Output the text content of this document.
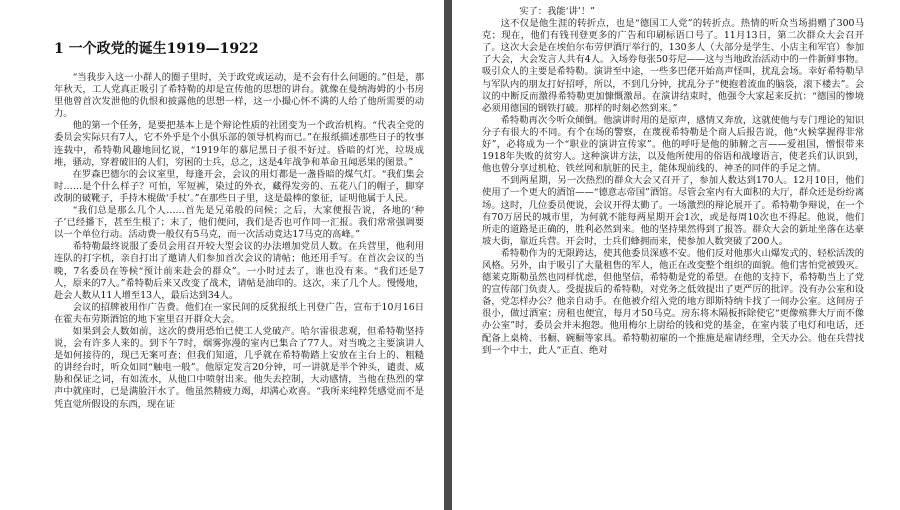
1 一个政党的诞生1919—1922

“当我步入这一小群人的圈子里时，关于政党或运动，是不会有什么问题的。”但是，那年秋天，工人党真正吸引了希特勒的却是宣传他的思想的讲台。就像在曼纳海姆的小书房里他曾首次发泄他的仇恨和披露他的思想一样，这一小撮心怀不满的人给了他所需要的动力。

他的第一个任务，是要把基本上是个辩论性质的社团变为一个政治机构。“代表全党的委员会实际只有7人，它不外乎是个小俱乐部的领导机构而已。”在报纸描述那些日子的牧事连载中，希特勒风趣地回忆说，“1919年的慕尼黑日子很不好过。昏暗的灯光，垃圾成堆，骚动，穿着破旧的人们，穷困的士兵，总之，这是4年战争和革命丑闻恶果的图景。”

在罗森巴德尔的会议室里，每逢开会，会议的用灯都是一盏昏暗的煤气灯。“我们集会时……是个什么样子？可怕，军短裤，染过的外衣，藏得发旁的、五花八门的帽子，脚穿改制的破靴子，手持木棍做‘手杖’。”在那些日子里，这是最棒的象征，证明他属于人民。

“我们总是那么几个人……首先是兄弟般的问候；之后，大家便报告说，各地的‘种子’已经播下，甚至生根了；末了，他们便问，我们是否也可作同一汇报。我们常常强调要以一个单位行动。活动费一般仅有5马克，而一次活动竟达17马克的高峰。”

希特勒最终说服了委员会用召开较大型会议的办法增加党员人数。在兵营里，他利用连队的打字机，亲自打出了邀请人们参加首次会议的请帖；他还用手写。在首次会议的当晚，7名委员在等候“预计前来赴会的群众”。一小时过去了，谁也没有来。“我们还是7人，原来的7人。”希特勒后来又改变了战术，请帖是油印的。这次，来了几个人。慢慢地，赴会人数从11人增至13人，最后达到34人。

会议的招牌被用作广告费。他们在一家民间的反犹报纸上刊登广告，宣布于10月16日在霍夫布劳斯酒馆的地下室里召开群众大会。

如果到会人数如前，这次的费用恐怕已使工人党破产。哈尔雷很悲观，但希特勒坚持说，会有许多人来的。到下午7时，烟雾弥漫的室内已集合了77人。对当晚之主要演讲人是如何接待的，现已无案可查；但我们知道，几乎就在希特勒踏上安放在主台上的、粗糙的讲经台时，听众如同“触电一般”。他原定发言20分钟，可一讲就是半个钟头，谴责、威胁和保证之词，有如流水，从他口中喷射出来。他失去控制，大动感情，当他在热烈的掌声中就座时，已是满脸汗水了。他虽然精疲力竭，却满心欢喜。“我所来纯粹凭感觉而不是凭直觉所假设的东西，现在证

实了：我能‘讲’！”

这不仅是他生涯的转折点，也是“德国工人党”的转折点。热情的听众当场捐赠了300马克；现在，他们有钱刊登更多的广告和印刷标语口号了。11月13日，第二次群众大会召开了。这次大会是在埃伯尔布劳伊酒厅举行的，130多人（大部分是学生、小店主和军官）参加了大会，大会发言人共有4人。入场券每张50芬尼——这与当地政治活动中的一件新鲜事物。吸引众人的主要是希特勒。演讲至中途，一些多巴佬开始高声怪叫，扰乱会场。幸好希特勒早与军队内的朋友打好招呼，所以，不到几分钟，扰乱分子“便抱着流血的脑袋，滚下楼去”。会议的中断反而激得希特勒更加慷慨激昂。在演讲结束时，他强令大家起来反抗：“德国的惨境必须用德国的钢铁打破。那样的时刻必然到来。”

希特勒再次今听众倾倒。他演讲时用的是原声，感情又奔放，这就使他与专门理论的知识分子有很大的不同。有个在场的警察，在蔑视希特勒是个商人后报告说，他“火候掌握得非常好”，必将成为一个“职业的演讲宣传家”。他的呼吁是他的肺腑之言——爱祖国，憎恨带来1918年失败的贫穷人。这种演讲方法，以及他所使用的俗语和战壕语言，使老兵们认识到，他也曾分享过机枪、铁丝网和肮脏的民主，能体现前线的、神圣的同伴的手足之情。

不到两星期，另一次热烈的群众大会又召开了，参加人数达到170人。12月10日，他们使用了一个更大的酒馆——“德意志帝国”酒馆。尽管会室内有大面积的大厅，群众还是纷纷离场。这时，几位委员便说，会议开得太勤了。一场激烈的辩论展开了。希特勒争辩说，在一个有70万居民的城市里，为何就不能每两星期开会1次，或是每周10次也不得起。他说，他们所走的道路是正确的，胜利必然到来。他的坚持果然得到了报答。群众大会的新址坐落在达豪坡大街，靠近兵营。开会时，士兵们蜂拥而来，使参加人数突破了200人。

希特勒作为的无限跨达，使其他委员深感不安。他们反对他那火山爆发式的、轻松活泼的风格。另外，由于吸引了大量租售的军人，他正在改变整个组织的面貌。他们害怕党被毁灭。德莱克斯勒虽然也同样忧虑，但他坚信，希特勒是党的希望。在他的支持下，希特勒当上了党的宣传部门负责人。受提拔后的希特勒，对党务之低效提出了更严厉的批评。没有办公室和设备，党怎样办公？他亲自动手。在他被介绍入党的地方即斯特纳卡找了一间办公室。这间房子很小，做过酒室；房租也便宜，每月才50马克。房东将木隔板拆除使它“更像殡葬大厅而不像办公室”时，委员会并未抱怨。他用梅尔上尉给的钱和党的基金，在室内装了电灯和电话，还配备上桌椅、书橱、碗橱等家具。希特勒初雇的一个推施是雇请经理，全天办公。他在兵营找到一个中士，此人“正直、绝对
